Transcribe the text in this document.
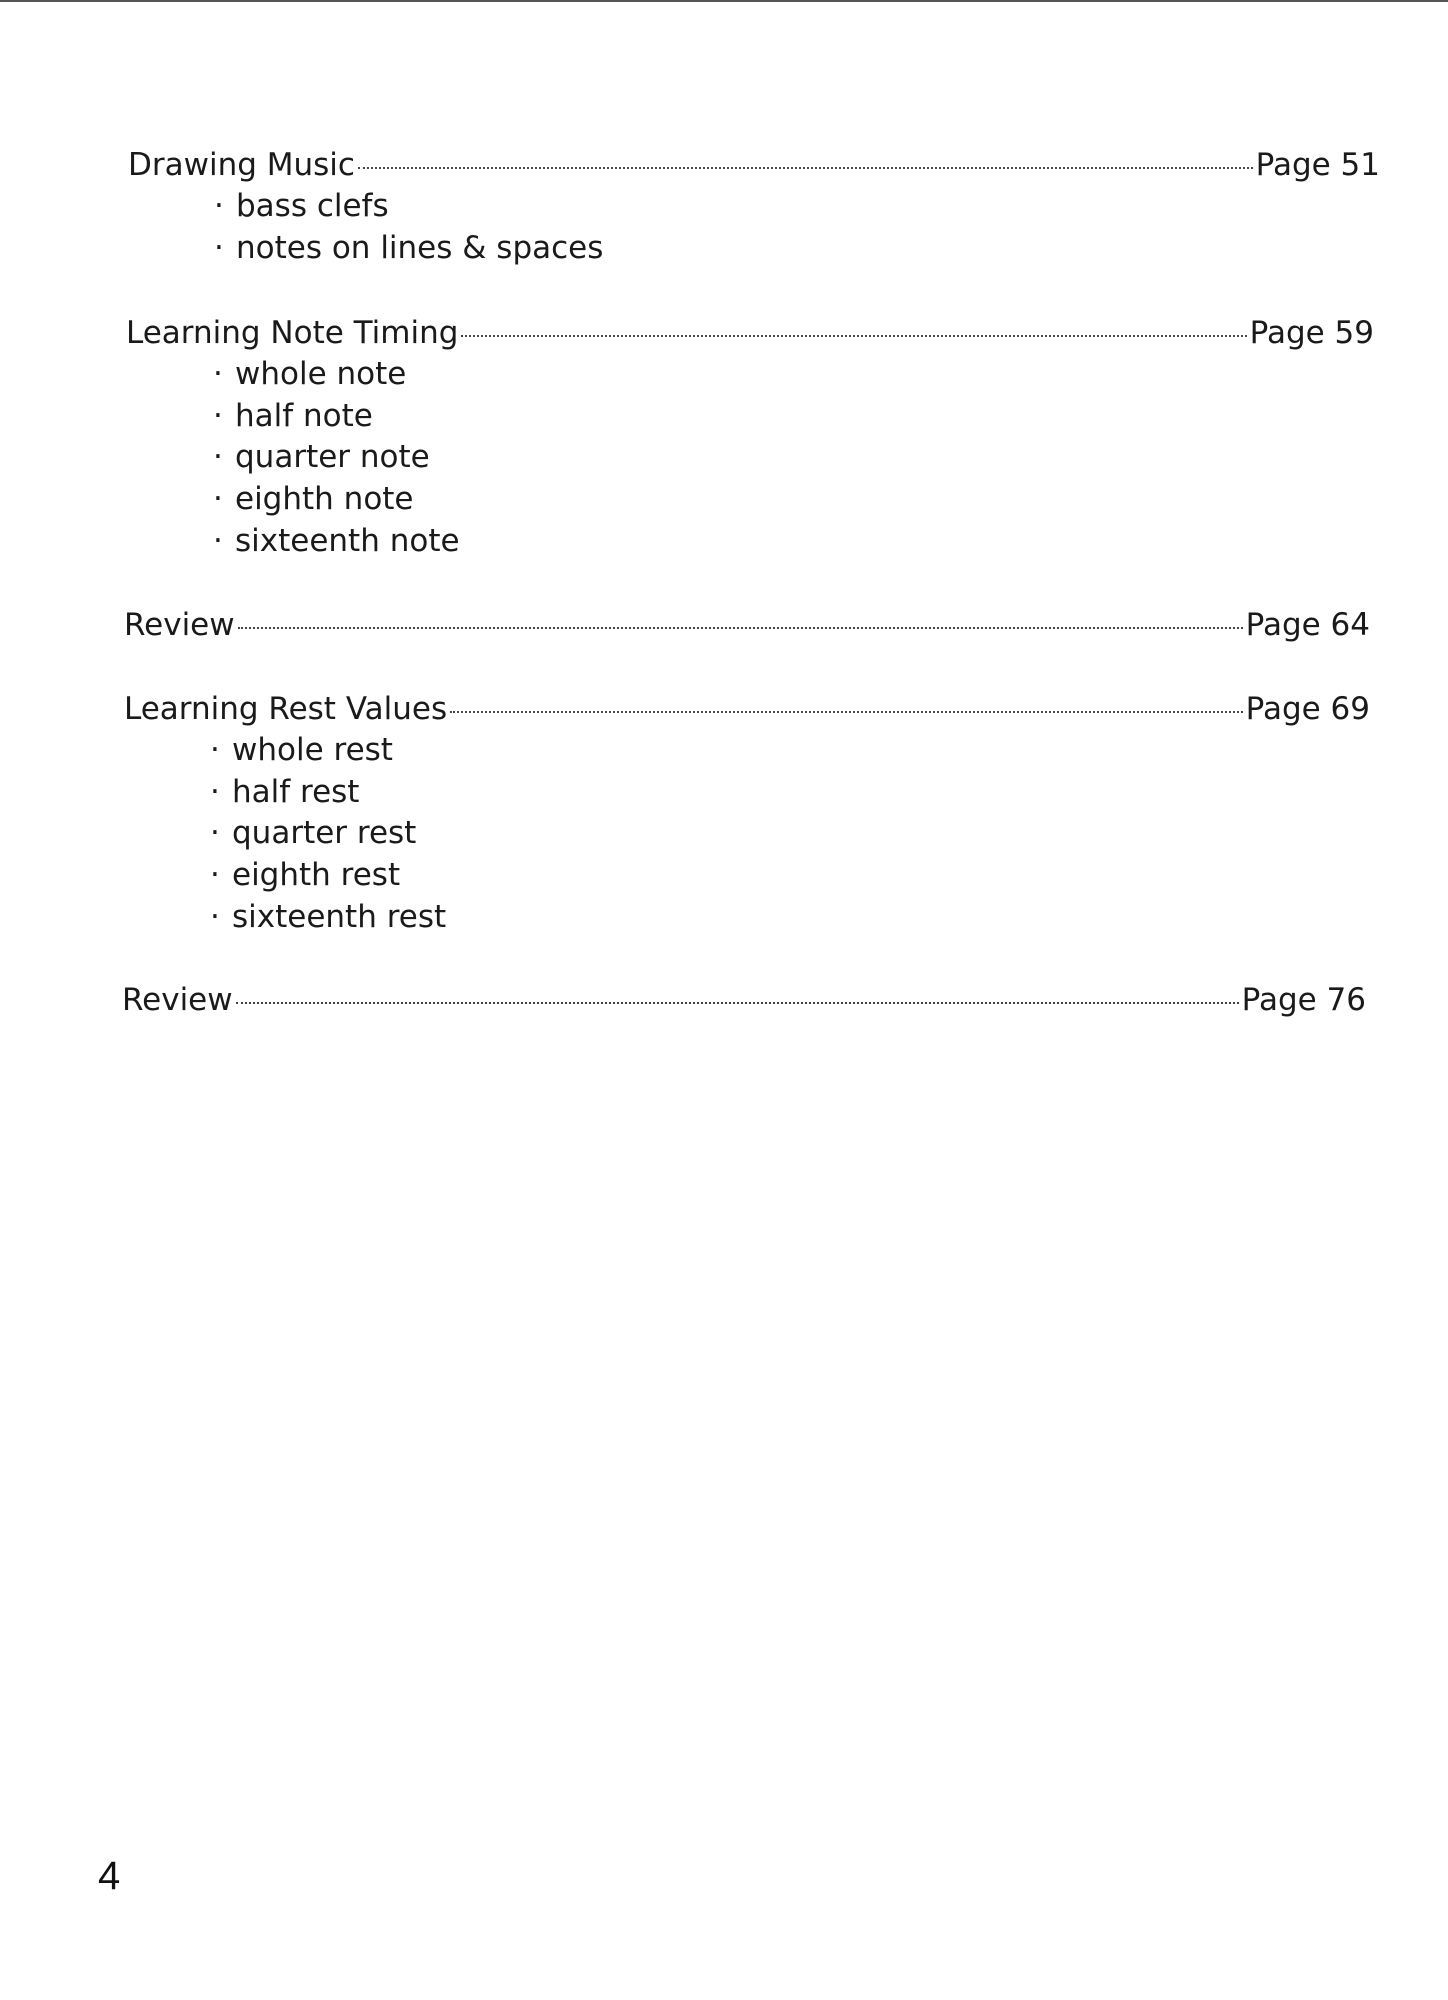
Drawing Music	Page 51
· bass clefs
· notes on lines & spaces
Learning Note Timing	Page 59
· whole note
· half note
· quarter note
· eighth note
· sixteenth note
Review	Page 64
Learning Rest Values	Page 69
· whole rest
· half rest
· quarter rest
· eighth rest
· sixteenth rest
Review	Page 76
4
